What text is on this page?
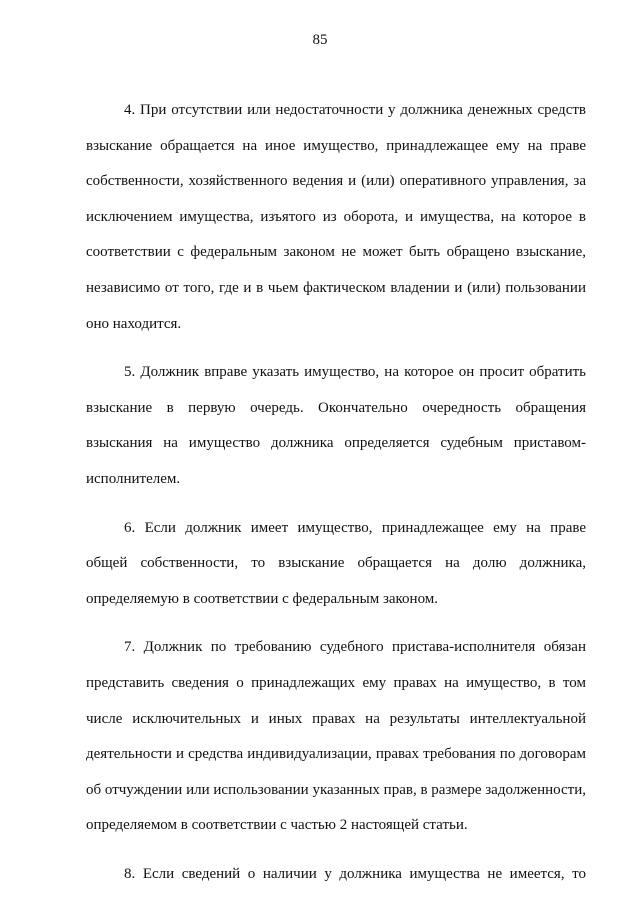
85

4. При отсутствии или недостаточности у должника денежных средств взыскание обращается на иное имущество, принадлежащее ему на праве собственности, хозяйственного ведения и (или) оперативного управления, за исключением имущества, изъятого из оборота, и имущества, на которое в соответствии с федеральным законом не может быть обращено взыскание, независимо от того, где и в чьем фактическом владении и (или) пользовании оно находится.

5. Должник вправе указать имущество, на которое он просит обратить взыскание в первую очередь. Окончательно очередность обращения взыскания на имущество должника определяется судебным приставом-исполнителем.

6. Если должник имеет имущество, принадлежащее ему на праве общей собственности, то взыскание обращается на долю должника, определяемую в соответствии с федеральным законом.

7. Должник по требованию судебного пристава-исполнителя обязан представить сведения о принадлежащих ему правах на имущество, в том числе исключительных и иных правах на результаты интеллектуальной деятельности и средства индивидуализации, правах требования по договорам об отчуждении или использовании указанных прав, в размере задолженности, определяемом в соответствии с частью 2 настоящей статьи.

8. Если сведений о наличии у должника имущества не имеется, то
